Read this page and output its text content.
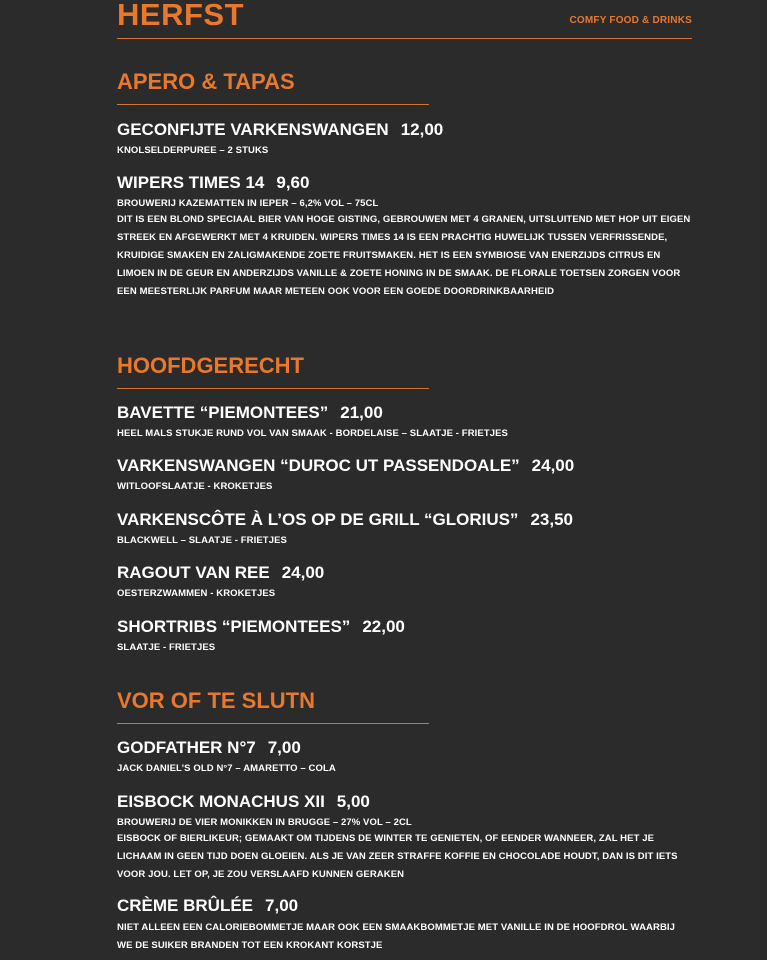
HERFST	COMFY FOOD & DRINKS
APERO & TAPAS
GECONFIJTE VARKENSWANGEN 12,00
KNOLSELDERPUREE – 2 STUKS
WIPERS TIMES 14 9,60
BROUWERIJ KAZEMATTEN IN IEPER – 6,2% VOL – 75CL
DIT IS EEN BLOND SPECIAAL BIER VAN HOGE GISTING, GEBROUWEN MET 4 GRANEN, UITSLUITEND MET HOP UIT EIGEN STREEK EN AFGEWERKT MET 4 KRUIDEN. WIPERS TIMES 14 IS EEN PRACHTIG HUWELIJK TUSSEN VERFRISSENDE, KRUIDIGE SMAKEN EN ZALIGMAKENDE ZOETE FRUITSMAKEN. HET IS EEN SYMBIOSE VAN ENERZIJDS CITRUS EN LIMOEN IN DE GEUR EN ANDERZIJDS VANILLE & ZOETE HONING IN DE SMAAK. DE FLORALE TOETSEN ZORGEN VOOR EEN MEESTERLIJK PARFUM MAAR METEEN OOK VOOR EEN GOEDE DOORDRINKBAARHEID
HOOFDGERECHT
BAVETTE “PIEMONTEES” 21,00
HEEL MALS STUKJE RUND VOL VAN SMAAK - BORDELAISE – SLAATJE - FRIETJES
VARKENSWANGEN “DUROC UT PASSENDOALE” 24,00
WITLOOFSLAATJE - KROKETJES
VARKENSCÔTE À L’OS OP DE GRILL “GLORIUS” 23,50
BLACKWELL – SLAATJE - FRIETJES
RAGOUT VAN REE 24,00
OESTERZWAMMEN - KROKETJES
SHORTRIBS “PIEMONTEES” 22,00
SLAATJE - FRIETJES
VOR OF TE SLUTN
GODFATHER N°7 7,00
JACK DANIEL’S OLD N°7 – AMARETTO – COLA
EISBOCK MONACHUS XII 5,00
BROUWERIJ DE VIER MONIKKEN IN BRUGGE – 27% VOL – 2CL
EISBOCK OF BIERLIKEUR; GEMAAKT OM TIJDENS DE WINTER TE GENIETEN, OF EENDER WANNEER, ZAL HET JE LICHAAM IN GEEN TIJD DOEN GLOEIEN. ALS JE VAN ZEER STRAFFE KOFFIE EN CHOCOLADE HOUDT, DAN IS DIT IETS VOOR JOU. LET OP, JE ZOU VERSLAAFD KUNNEN GERAKEN
CRÈME BRÛLÉE 7,00
NIET ALLEEN EEN CALORIEBOMMETJE MAAR OOK EEN SMAAKBOMMETJE MET VANILLE IN DE HOOFDROL WAARBIJ WE DE SUIKER BRANDEN TOT EEN KROKANT KORSTJE
